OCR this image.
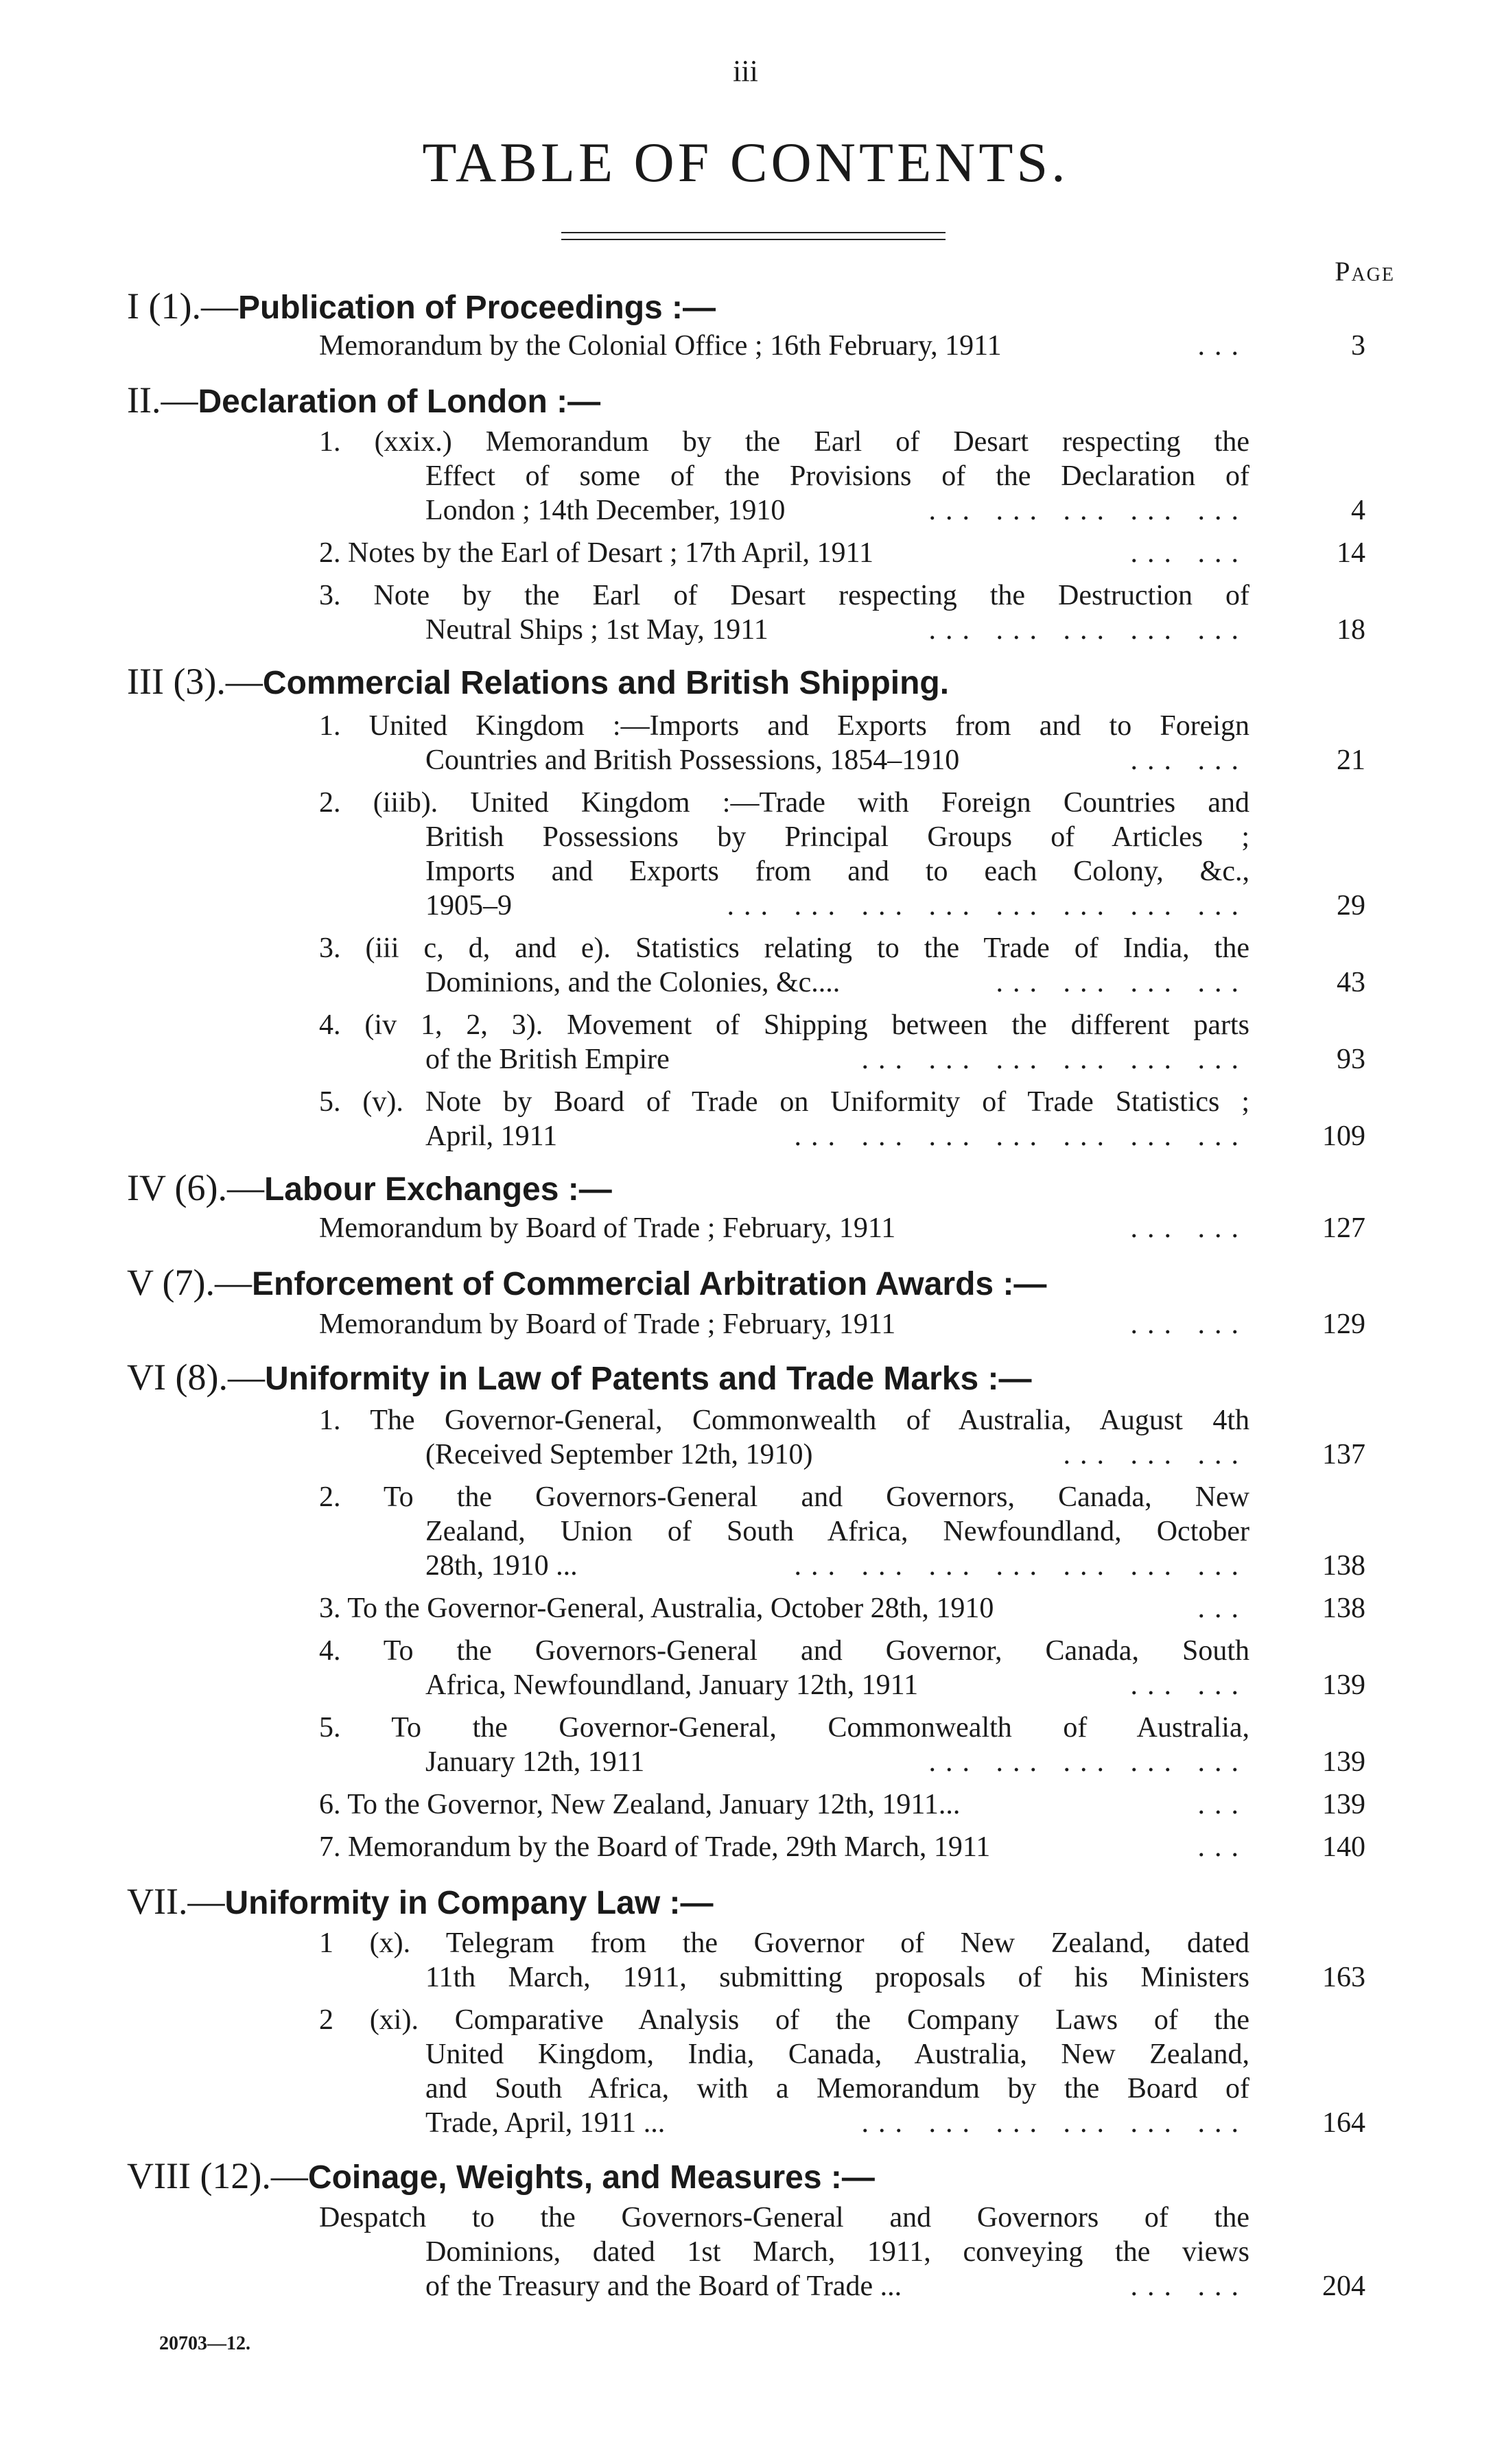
iii
TABLE OF CONTENTS.
Page
I (1).—Publication of Proceedings :—
Memorandum by the Colonial Office ; 16th February, 1911	...	3
II.—Declaration of London :—
1. (xxix.) Memorandum by the Earl of Desart respecting the
Effect of some of the Provisions of the Declaration of
London ; 14th December, 1910	... ... ... ... ...	4
2. Notes by the Earl of Desart ; 17th April, 1911	... ...	14
3. Note by the Earl of Desart respecting the Destruction of
Neutral Ships ; 1st May, 1911	... ... ... ... ...	18
III (3).—Commercial Relations and British Shipping.
1. United Kingdom :—Imports and Exports from and to Foreign
Countries and British Possessions, 1854–1910	... ...	21
2. (iiib). United Kingdom :—Trade with Foreign Countries and
British Possessions by Principal Groups of Articles ;
Imports and Exports from and to each Colony, &c.,
1905–9	... ... ... ... ... ... ... ...	29
3. (iii c, d, and e). Statistics relating to the Trade of India, the
Dominions, and the Colonies, &c....	... ... ... ...	43
4. (iv 1, 2, 3). Movement of Shipping between the different parts
of the British Empire	... ... ... ... ... ...	93
5. (v). Note by Board of Trade on Uniformity of Trade Statistics ;
April, 1911	... ... ... ... ... ... ...	109
IV (6).—Labour Exchanges :—
Memorandum by Board of Trade ; February, 1911	... ...	127
V (7).—Enforcement of Commercial Arbitration Awards :—
Memorandum by Board of Trade ; February, 1911	... ...	129
VI (8).—Uniformity in Law of Patents and Trade Marks :—
1. The Governor-General, Commonwealth of Australia, August 4th
(Received September 12th, 1910)	... ... ...	137
2. To the Governors-General and Governors, Canada, New
Zealand, Union of South Africa, Newfoundland, October
28th, 1910 ...	... ... ... ... ... ... ...	138
3. To the Governor-General, Australia, October 28th, 1910	...	138
4. To the Governors-General and Governor, Canada, South
Africa, Newfoundland, January 12th, 1911	... ...	139
5. To the Governor-General, Commonwealth of Australia,
January 12th, 1911	... ... ... ... ...	139
6. To the Governor, New Zealand, January 12th, 1911...	...	139
7. Memorandum by the Board of Trade, 29th March, 1911	...	140
VII.—Uniformity in Company Law :—
1 (x). Telegram from the Governor of New Zealand, dated
11th March, 1911, submitting proposals of his Ministers	163
2 (xi). Comparative Analysis of the Company Laws of the
United Kingdom, India, Canada, Australia, New Zealand,
and South Africa, with a Memorandum by the Board of
Trade, April, 1911 ...	... ... ... ... ... ...	164
VIII (12).—Coinage, Weights, and Measures :—
Despatch to the Governors-General and Governors of the
Dominions, dated 1st March, 1911, conveying the views
of the Treasury and the Board of Trade ...	... ...	204
20703—12.
